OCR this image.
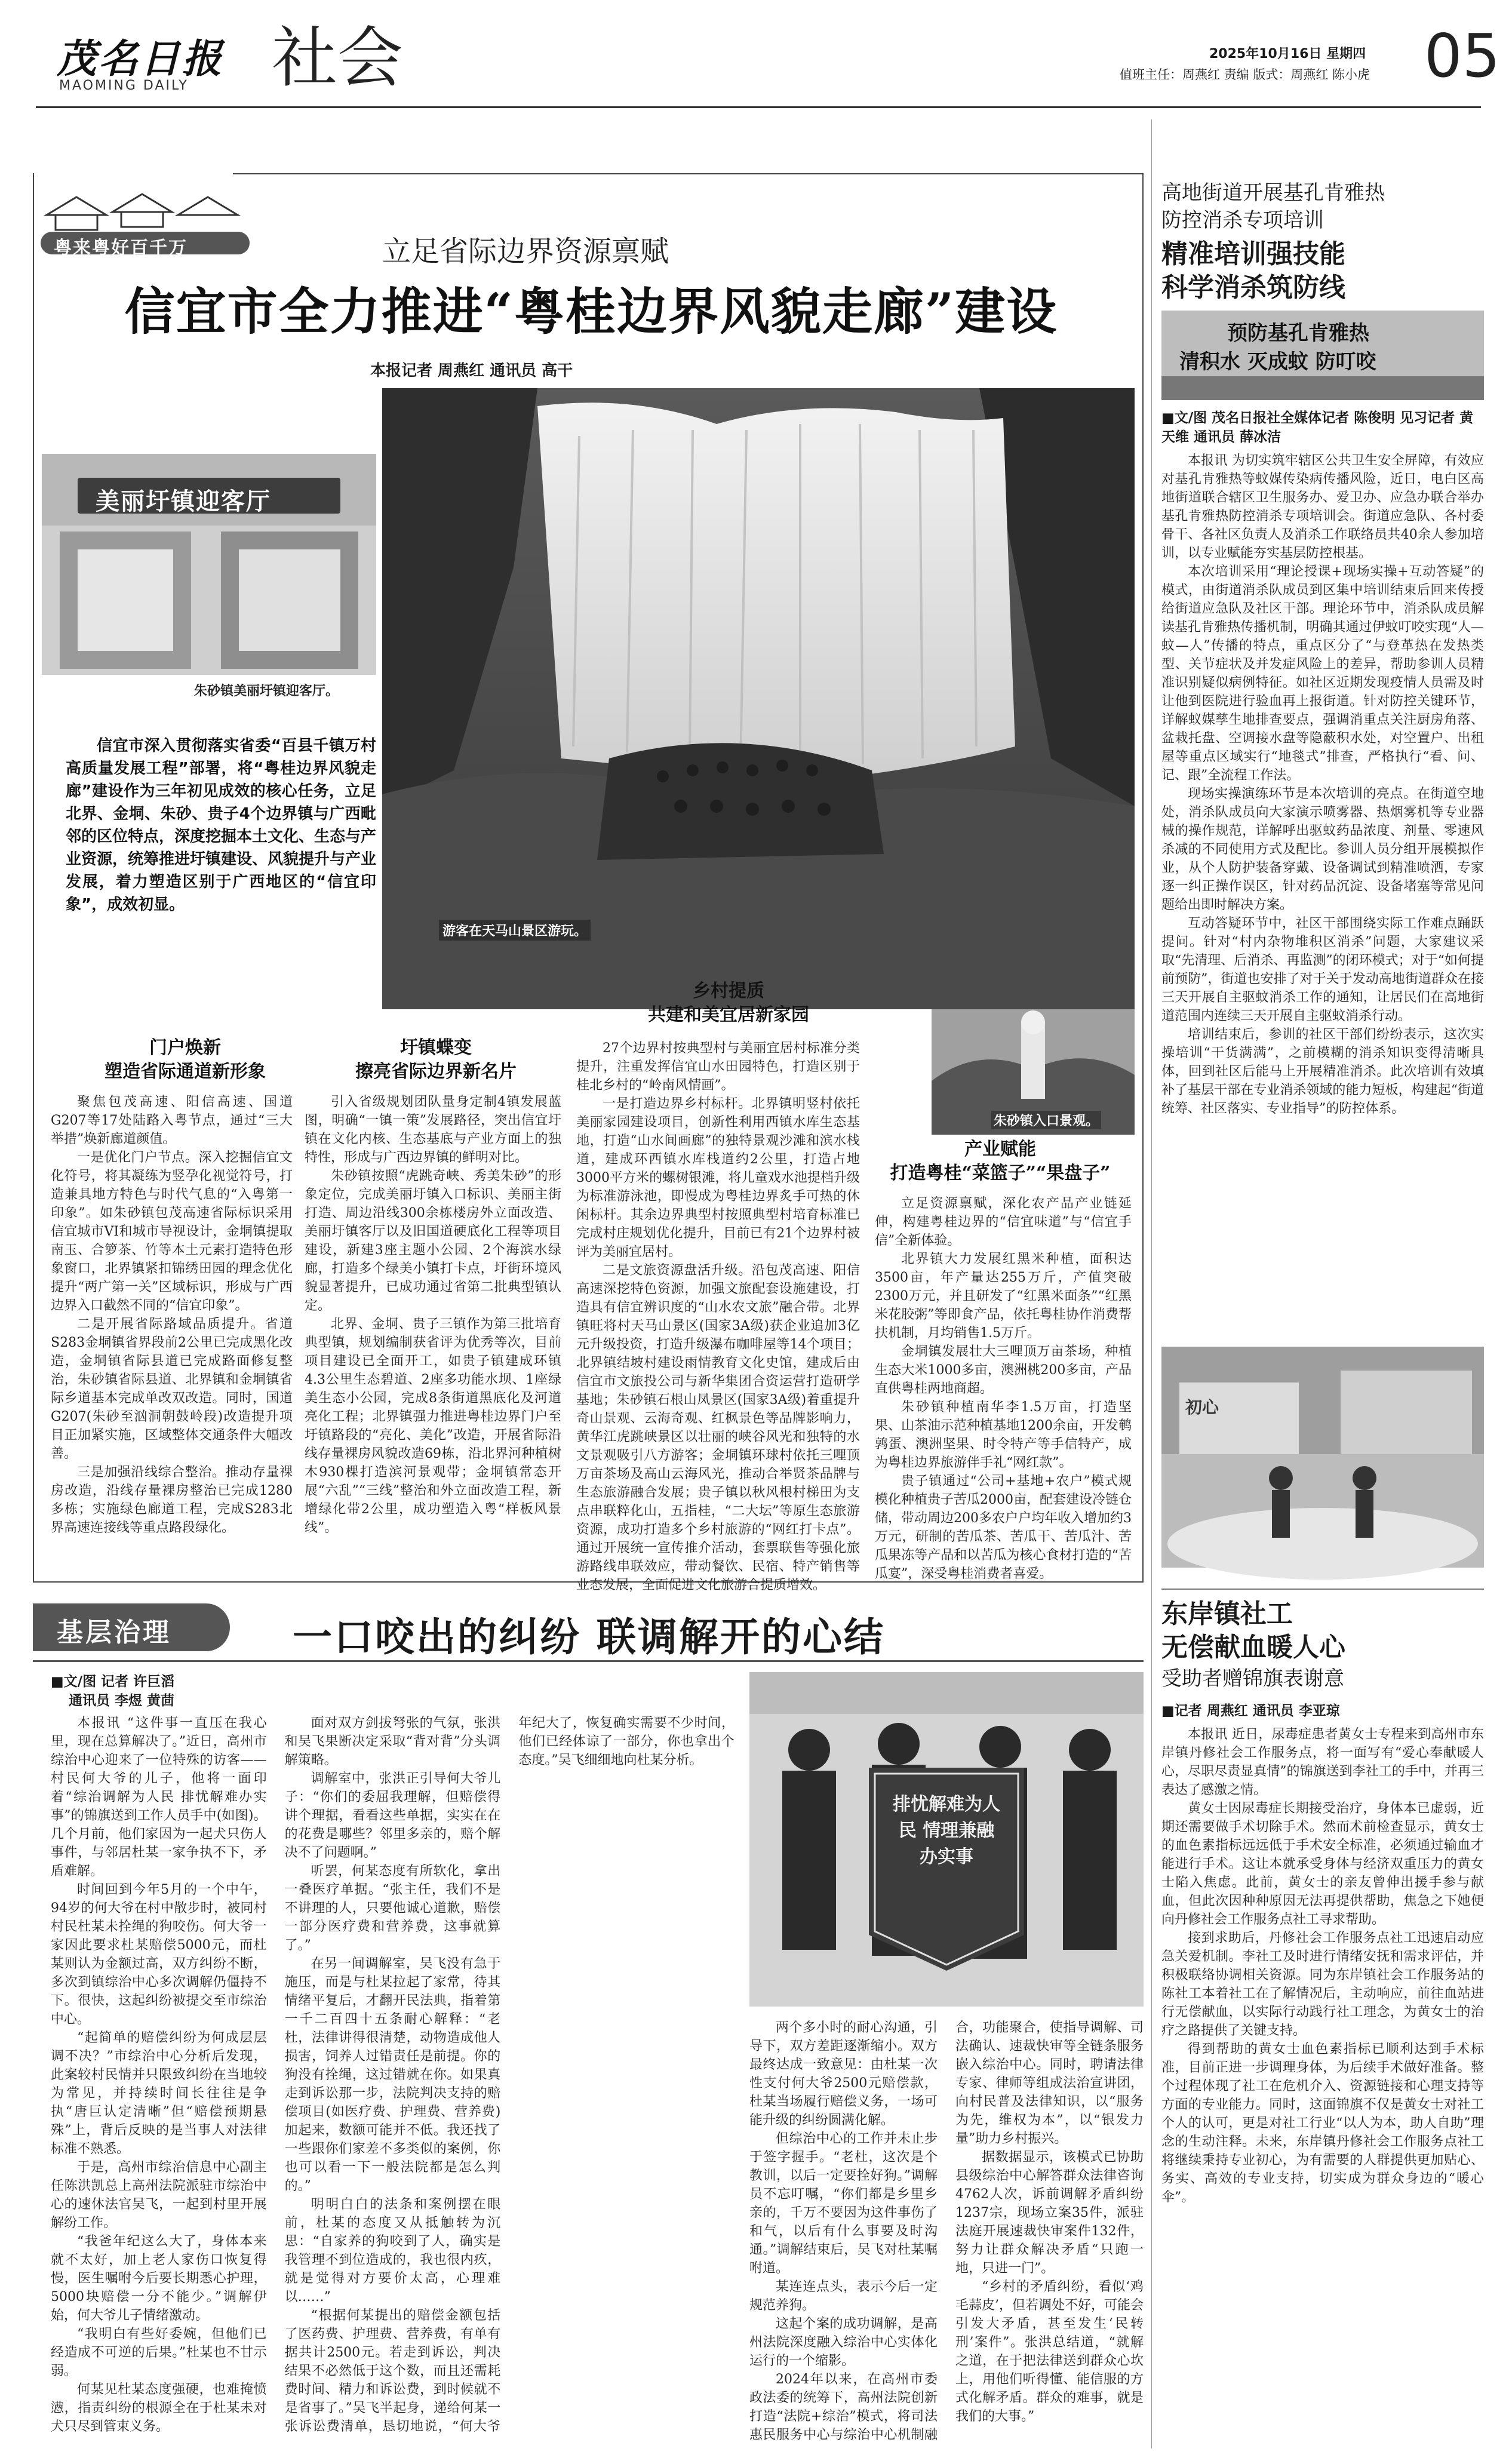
茂名日报
MAOMING DAILY 社会	2025年10月16日 星期四
值班主任：周燕红 责编 版式：周燕红 陈小虎 05
粤来粤好百千万	立足省际边界资源禀赋
信宜市全力推进“粤桂边界风貌走廊”建设
本报记者 周燕红 通讯员 高干
游客在天马山景区游玩。
美丽圩镇迎客厅
朱砂镇美丽圩镇迎客厅。

信宜市深入贯彻落实省委“百县千镇万村高质量发展工程”部署，将“粤桂边界风貌走廊”建设作为三年初见成效的核心任务，立足北界、金垌、朱砂、贵子4个边界镇与广西毗邻的区位特点，深度挖掘本土文化、生态与产业资源，统筹推进圩镇建设、风貌提升与产业发展，着力塑造区别于广西地区的“信宜印象”，成效初显。

朱砂镇入口景观。
门户焕新
塑造省际通道新形象
圩镇蝶变
擦亮省际边界新名片
乡村提质
共建和美宜居新家园
产业赋能
打造粤桂“菜篮子”“果盘子”

聚焦包茂高速、阳信高速、国道G207等17处陆路入粤节点，通过“三大举措”焕新廊道颜值。

一是优化门户节点。深入挖掘信宜文化符号，将其凝练为竖孕化视觉符号，打造兼具地方特色与时代气息的“入粤第一印象”。如朱砂镇包茂高速省际标识采用信宜城市VI和城市导视设计，金垌镇提取南玉、合箩茶、竹等本土元素打造特色形象窗口，北界镇紧扣锦绣田园的理念优化提升“两广第一关”区域标识，形成与广西边界入口截然不同的“信宜印象”。

二是开展省际路域品质提升。省道S283金垌镇省界段前2公里已完成黑化改造，金垌镇省际县道已完成路面修复整治，朱砂镇省际县道、北界镇和金垌镇省际乡道基本完成单改双改造。同时，国道G207(朱砂至汹洞朝鼓岭段)改造提升项目正加紧实施，区域整体交通条件大幅改善。

三是加强沿线综合整治。推动存量裸房改造，沿线存量裸房整治已完成1280多栋；实施绿色廊道工程，完成S283北界高速连接线等重点路段绿化。

引入省级规划团队量身定制4镇发展蓝图，明确“一镇一策”发展路径，突出信宜圩镇在文化内核、生态基底与产业方面上的独特性，形成与广西边界镇的鲜明对比。

朱砂镇按照“虎跳奇峡、秀美朱砂”的形象定位，完成美丽圩镇入口标识、美丽主街打造、周边沿线300余栋楼房外立面改造、美丽圩镇客厅以及旧国道硬底化工程等项目建设，新建3座主题小公园、2个海滨水绿廊，打造多个绿美小镇打卡点，圩街环境风貌显著提升，已成功通过省第二批典型镇认定。

北界、金垌、贵子三镇作为第三批培育典型镇，规划编制获省评为优秀等次，目前项目建设已全面开工，如贵子镇建成环镇4.3公里生态碧道、2座多功能水坝、1座绿美生态小公园，完成8条街道黑底化及河道亮化工程；北界镇强力推进粤桂边界门户至圩镇路段的“亮化、美化”改造，开展省际沿线存量裸房风貌改造69栋，沿北界河种植树木930棵打造滨河景观带；金垌镇常态开展“六乱”“三线”整治和外立面改造工程，新增绿化带2公里，成功塑造入粤“样板风景线”。

27个边界村按典型村与美丽宜居村标准分类提升，注重发挥信宜山水田园特色，打造区别于桂北乡村的“岭南风情画”。

一是打造边界乡村标杆。北界镇明竖村依托美丽家园建设项目，创新性利用西镇水库生态基地，打造“山水间画廊”的独特景观沙滩和滨水栈道，建成环西镇水库栈道约2公里，打造占地3000平方米的螺树银滩，将儿童戏水池提档升级为标准游泳池，即慢成为粤桂边界炙手可热的休闲标杆。其余边界典型村按照典型村培育标准已完成村庄规划优化提升，目前已有21个边界村被评为美丽宜居村。

二是文旅资源盘活升级。沿包茂高速、阳信高速深挖特色资源，加强文旅配套设施建设，打造具有信宜辨识度的“山水农文旅”融合带。北界镇旺将村天马山景区(国家3A级)获企业追加3亿元升级投资，打造升级瀑布咖啡屋等14个项目；北界镇结坡村建设雨情教育文化史馆，建成后由信宜市文旅投公司与新华集团合资运营打造研学基地；朱砂镇石根山凤景区(国家3A级)着重提升奇山景观、云海奇观、红枫景色等品牌影响力，黄华江虎跳峡景区以壮丽的峡谷风光和独特的水文景观吸引八方游客；金垌镇环球村依托三哩顶万亩茶场及高山云海风光，推动合举贤茶品牌与生态旅游融合发展；贵子镇以秋风根村梯田为支点串联粹化山，五指桂，“二大坛”等原生态旅游资源，成功打造多个乡村旅游的“网红打卡点”。通过开展统一宣传推介活动，套票联售等强化旅游路线串联效应，带动餐饮、民宿、特产销售等业态发展，全面促进文化旅游合提质增效。

立足资源禀赋，深化农产品产业链延伸，构建粤桂边界的“信宜味道”与“信宜手信”全新体验。

北界镇大力发展红黑米种植，面积达3500亩，年产量达255万斤，产值突破2300万元，并且研发了“红黑米面条”“红黑米花胶粥”等即食产品，依托粤桂协作消费帮扶机制，月均销售1.5万斤。

金垌镇发展壮大三哩顶万亩茶场，种植生态大米1000多亩，澳洲桃200多亩，产品直供粤桂两地商超。

朱砂镇种植南华李1.5万亩，打造坚果、山茶油示范种植基地1200余亩，开发鹌鹑蛋、澳洲坚果、时令特产等手信特产，成为粤桂边界旅游伴手礼“网红款”。

贵子镇通过“公司+基地+农户”模式规模化种植贵子苦瓜2000亩，配套建设冷链仓储，带动周边200多农户户均年收入增加约3万元，研制的苦瓜茶、苦瓜干、苦瓜汁、苦瓜果冻等产品和以苦瓜为核心食材打造的“苦瓜宴”，深受粤桂消费者喜爱。

高地街道开展基孔肯雅热
防控消杀专项培训
精准培训强技能
科学消杀筑防线
预防基孔肯雅热
清积水 灭成蚊 防叮咬
■文/图 茂名日报社全媒体记者 陈俊明 见习记者 黄天维 通讯员 薛冰洁

本报讯 为切实筑牢辖区公共卫生安全屏障，有效应对基孔肯雅热等蚊媒传染病传播风险，近日，电白区高地街道联合辖区卫生服务办、爱卫办、应急办联合举办基孔肯雅热防控消杀专项培训会。街道应急队、各村委骨干、各社区负责人及消杀工作联络员共40余人参加培训，以专业赋能夯实基层防控根基。

本次培训采用“理论授课+现场实操+互动答疑”的模式，由街道消杀队成员到区集中培训结束后回来传授给街道应急队及社区干部。理论环节中，消杀队成员解读基孔肯雅热传播机制，明确其通过伊蚊叮咬实现“人—蚊—人”传播的特点，重点区分了“与登革热在发热类型、关节症状及并发症风险上的差异，帮助参训人员精准识别疑似病例特征。如社区近期发现疫情人员需及时让他到医院进行验血再上报街道。针对防控关键环节，详解蚁媒孳生地排查要点，强调消重点关注厨房角落、盆栽托盘、空调接水盘等隐蔽积水处，对空置户、出租屋等重点区域实行“地毯式”排查，严格执行“看、问、记、跟”全流程工作法。

现场实操演练环节是本次培训的亮点。在街道空地处，消杀队成员向大家演示喷雾器、热烟雾机等专业器械的操作规范，详解呼出驱蚊药品浓度、剂量、零速风杀减的不同使用方式及配比。参训人员分组开展模拟作业，从个人防护装备穿戴、设备调试到精准喷洒，专家逐一纠正操作误区，针对药品沉淀、设备堵塞等常见问题给出即时解决方案。

互动答疑环节中，社区干部围绕实际工作难点踊跃提问。针对“村内杂物堆积区消杀”问题，大家建议采取“先清理、后消杀、再监测”的闭环模式；对于“如何提前预防”，街道也安排了对于关于发动高地街道群众在接三天开展自主驱蚊消杀工作的通知，让居民们在高地街道范围内连续三天开展自主驱蚊消杀行动。

培训结束后，参训的社区干部们纷纷表示，这次实操培训“干货满满”，之前模糊的消杀知识变得清晰具体，回到社区后能马上开展精准消杀。此次培训有效填补了基层干部在专业消杀领域的能力短板，构建起“街道统筹、社区落实、专业指导”的防控体系。

初心
东岸镇社工
无偿献血暖人心
受助者赠锦旗表谢意
■记者 周燕红 通讯员 李亚琼

本报讯 近日，尿毒症患者黄女士专程来到高州市东岸镇丹修社会工作服务点，将一面写有“爱心奉献暖人心，尽职尽责显真情”的锦旗送到李社工的手中，并再三表达了感激之情。

黄女士因尿毒症长期接受治疗，身体本已虚弱，近期还需要做手术切除手术。然而术前检查显示，黄女士的血色素指标远远低于手术安全标准，必须通过输血才能进行手术。这让本就承受身体与经济双重压力的黄女士陷入焦虑。此前，黄女士的亲友曾伸出援手参与献血，但此次因种种原因无法再提供帮助，焦急之下她便向丹修社会工作服务点社工寻求帮助。

接到求助后，丹修社会工作服务点社工迅速启动应急关爱机制。李社工及时进行情绪安抚和需求评估，并积极联络协调相关资源。同为东岸镇社会工作服务站的陈社工本着社工在了解情况后，主动响应，前往血站进行无偿献血，以实际行动践行社工理念，为黄女士的治疗之路提供了关键支持。

得到帮助的黄女士血色素指标已顺利达到手术标准，目前正进一步调理身体，为后续手术做好准备。整个过程体现了社工在危机介入、资源链接和心理支持等方面的专业能力。同时，这面锦旗不仅是黄女士对社工个人的认可，更是对社工行业“以人为本，助人自助”理念的生动注释。未来，东岸镇丹修社会工作服务点社工将继续秉持专业初心，为有需要的人群提供更加贴心、务实、高效的专业支持，切实成为群众身边的“暖心伞”。

基层治理	一口咬出的纠纷 联调解开的心结
■文/图 记者 许巨滔
通讯员 李煜 黄茴
排忧解难为人民 情理兼融办实事

本报讯 “这件事一直压在我心里，现在总算解决了。”近日，高州市综治中心迎来了一位特殊的访客——村民何大爷的儿子，他将一面印着“综治调解为人民 排忧解难办实事”的锦旗送到工作人员手中(如图)。几个月前，他们家因为一起犬只伤人事件，与邻居杜某一家争执不下，矛盾难解。

时间回到今年5月的一个中午，94岁的何大爷在村中散步时，被同村村民杜某未拴绳的狗咬伤。何大爷一家因此要求杜某赔偿5000元，而杜某则认为金额过高，双方纠纷不断，多次到镇综治中心多次调解仍僵持不下。很快，这起纠纷被提交至市综治中心。

“起简单的赔偿纠纷为何成层层调不决？”市综治中心分析后发现，此案较村民情并只限致纠纷在当地较为常见，并持续时间长往往是争执“唐巨认定清晰”但“赔偿预期悬殊”上，背后反映的是当事人对法律标准不熟悉。

于是，高州市综治信息中心副主任陈洪凯总上高州法院派驻市综治中心的速休法官吴飞，一起到村里开展解纷工作。

“我爸年纪这么大了，身体本来就不太好，加上老人家伤口恢复得慢，医生嘱咐今后要长期悉心护理，5000块赔偿一分不能少。”调解伊始，何大爷儿子情绪激动。

“我明白有些好委婉，但他们已经造成不可逆的后果。”杜某也不甘示弱。

何某见杜某态度强硬，也难掩愤懑，指责纠纷的根源全在于杜某未对犬只尽到管束义务。

面对双方剑拔弩张的气氛，张洪和吴飞果断决定采取“背对背”分头调解策略。

调解室中，张洪正引导何大爷儿子：“你们的委屈我理解，但赔偿得讲个理据，看看这些单据，实实在在的花费是哪些？邻里多亲的，赔个解决不了问题啊。”

听罢，何某态度有所软化，拿出一叠医疗单据。“张主任，我们不是不讲理的人，只要他诚心道歉，赔偿一部分医疗费和营养费，这事就算了。”

在另一间调解室，吴飞没有急于施压，而是与杜某拉起了家常，待其情绪平复后，才翻开民法典，指着第一千二百四十五条耐心解释：“老杜，法律讲得很清楚，动物造成他人损害，饲养人过错责任是前提。你的狗没有拴绳，这过错就在你。如果真走到诉讼那一步，法院判决支持的赔偿项目(如医疗费、护理费、营养费)加起来，数额可能并不低。我还找了一些跟你们家差不多类似的案例，你也可以看一下一般法院都是怎么判的。”

明明白白的法条和案例摆在眼前，杜某的态度又从抵触转为沉思：“自家养的狗咬到了人，确实是我管理不到位造成的，我也很内疚，就是觉得对方要价太高，心理难以……”

“根据何某提出的赔偿金额包括了医药费、护理费、营养费，有单有据共计2500元。若走到诉讼，判决结果不必然低于这个数，而且还需耗费时间、精力和诉讼费，到时候就不是省事了。”吴飞半起身，递给何某一张诉讼费清单，恳切地说，“何大爷年纪大了，恢复确实需要不少时间，他们已经体谅了一部分，你也拿出个态度。”吴飞细细地向杜某分析。

两个多小时的耐心沟通，引导下，双方差距逐渐缩小。双方最终达成一致意见：由杜某一次性支付何大爷2500元赔偿款，杜某当场履行赔偿义务，一场可能升级的纠纷圆满化解。

但综治中心的工作并未止步于签字握手。“老杜，这次是个教训，以后一定要拴好狗。”调解员不忘叮嘱，“你们都是乡里乡亲的，千万不要因为这件事伤了和气，以后有什么事要及时沟通。”调解结束后，吴飞对杜某嘱咐道。

某连连点头，表示今后一定规范养狗。

这起个案的成功调解，是高州法院深度融入综治中心实体化运行的一个缩影。

2024年以来，在高州市委政法委的统筹下，高州法院创新打造“法院+综治”模式，将司法惠民服务中心与综治中心机制融合，功能聚合，使指导调解、司法确认、速裁快审等全链条服务嵌入综治中心。同时，聘请法律专家、律师等组成法治宣讲团，向村民普及法律知识，以“服务为先，维权为本”，以“银发力量”助力乡村振兴。

据数据显示，该模式已协助县级综治中心解答群众法律咨询4762人次，诉前调解矛盾纠纷1237宗，现场立案35件，派驻法庭开展速裁快审案件132件，努力让群众解决矛盾“只跑一地，只进一门”。

“乡村的矛盾纠纷，看似‘鸡毛蒜皮’，但若调处不好，可能会引发大矛盾，甚至发生‘民转刑’案件”。张洪总结道，“就解之道，在于把法律送到群众心坎上，用他们听得懂、能信服的方式化解矛盾。群众的难事，就是我们的大事。”
